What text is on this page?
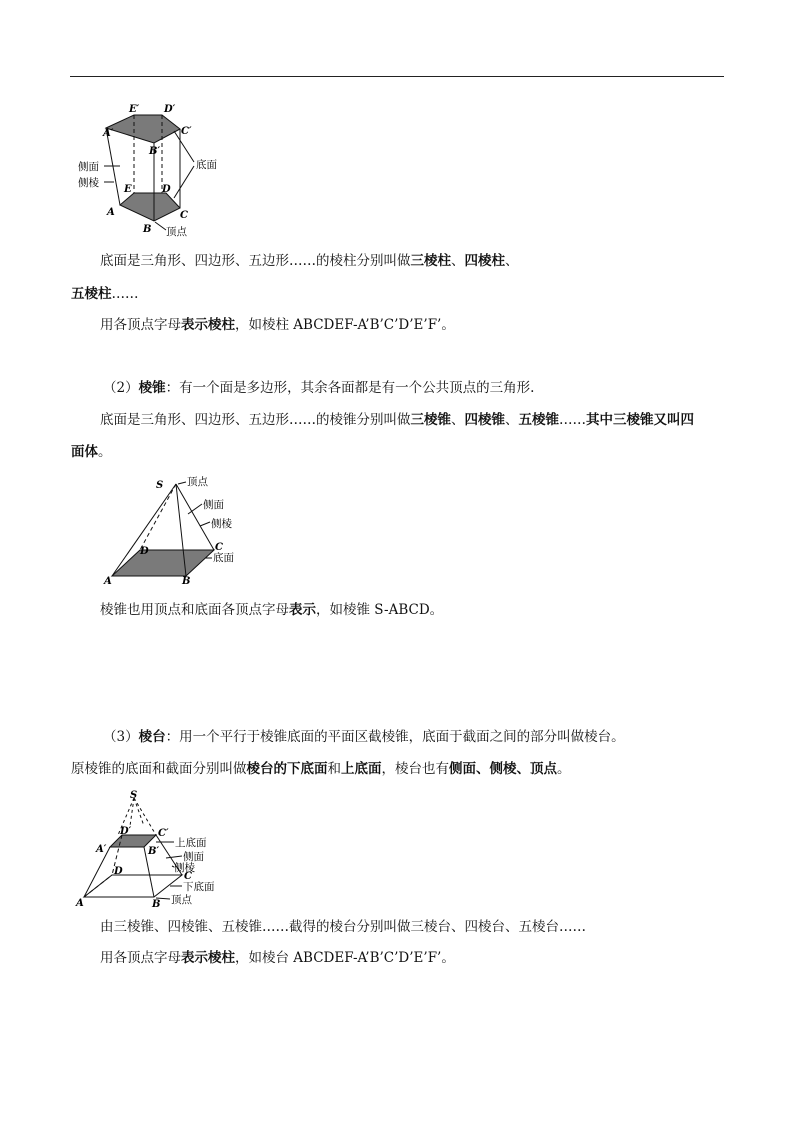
E′ D′
A′	C′
B′
E	D
A
B
C
侧面
侧棱
底面
顶点
底面是三角形、四边形、五边形……的棱柱分别叫做三棱柱、四棱柱、
五棱柱……
用各顶点字母表示棱柱，如棱柱 ABCDEF-A’B’C’D’E’F’。
（2）棱锥：有一个面是多边形，其余各面都是有一个公共顶点的三角形.
底面是三角形、四边形、五边形……的棱锥分别叫做三棱锥、四棱锥、五棱锥……其中三棱锥又叫四
面体。
S
D	C
A	B
顶点
侧面
侧棱
底面
棱锥也用顶点和底面各顶点字母表示，如棱锥 S-ABCD。
（3）棱台：用一个平行于棱锥底面的平面区截棱锥，底面于截面之间的部分叫做棱台。
原棱锥的底面和截面分别叫做棱台的下底面和上底面，棱台也有侧面、侧棱、顶点。
S
D′	C′
A′	B′
D	C
A	B
上底面
侧面
侧棱
下底面
顶点
由三棱锥、四棱锥、五棱锥……截得的棱台分别叫做三棱台、四棱台、五棱台……
用各顶点字母表示棱柱，如棱台 ABCDEF-A’B’C’D’E’F’。
